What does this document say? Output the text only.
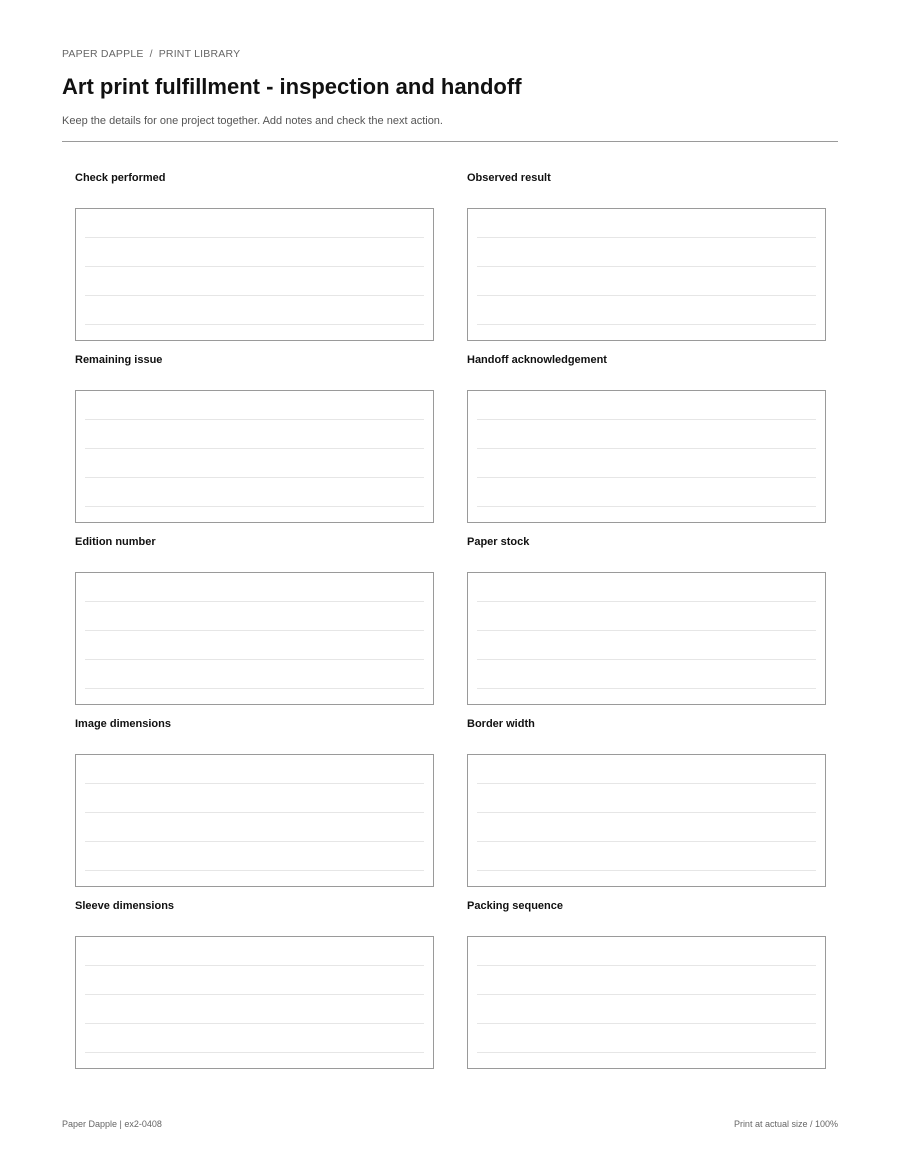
PAPER DAPPLE / PRINT LIBRARY
Art print fulfillment - inspection and handoff
Keep the details for one project together. Add notes and check the next action.
Check performed	Observed result
Remaining issue	Handoff acknowledgement
Edition number	Paper stock
Image dimensions	Border width
Sleeve dimensions	Packing sequence
Paper Dapple | ex2-0408	Print at actual size / 100%
